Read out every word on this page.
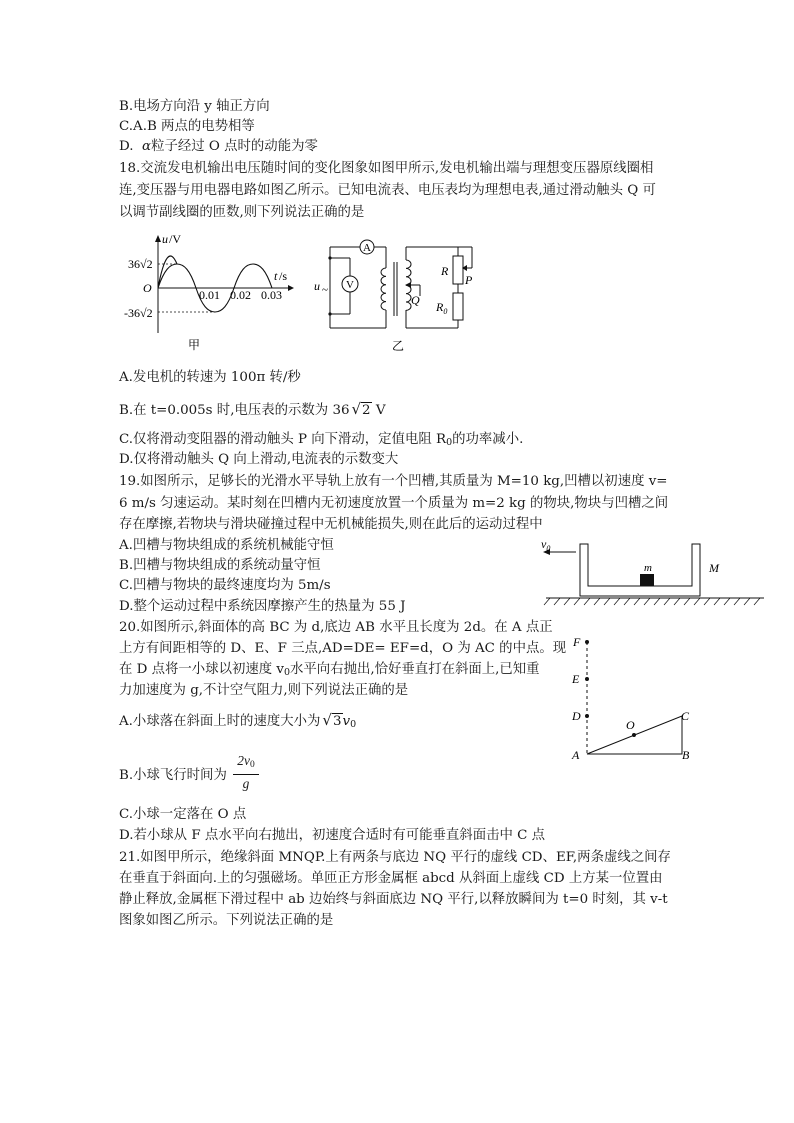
B.电场方向沿 y 轴正方向
C.A.B 两点的电势相等
D. α粒子经过 O 点时的动能为零
18.交流发电机输出电压随时间的变化图象如图甲所示,发电机输出端与理想变压器原线圈相
连,变压器与用电器电路如图乙所示。已知电流表、电压表均为理想电表,通过滑动触头 Q 可
以调节副线圈的匝数,则下列说法正确的是
u /V
t /s
36√2
-36√2
O	0.01 0.02 0.03
甲
A
V
u ~
Q
R
P
$R_0$
乙
A.发电机的转速为 100π 转/秒
B.在 t=0.005s 时,电压表的示数为 36 √2 V
C.仅将滑动变阻器的滑动触头 P 向下滑动，定值电阻 $R_0$的功率减小.
D.仅将滑动触头 Q 向上滑动,电流表的示数变大
19.如图所示，足够长的光滑水平导轨上放有一个凹槽,其质量为 M=10 kg,凹槽以初速度 v=
6 m/s 匀速运动。某时刻在凹槽内无初速度放置一个质量为 m=2 kg 的物块,物块与凹槽之间
存在摩擦,若物块与滑块碰撞过程中无机械能损失,则在此后的运动过程中
A.凹槽与物块组成的系统机械能守恒
B.凹槽与物块组成的系统动量守恒
C.凹槽与物块的最终速度均为 5m/s
D.整个运动过程中系统因摩擦产生的热量为 55 J
$v_0$
m	M
20.如图所示,斜面体的高 BC 为 d,底边 AB 水平且长度为 2d。在 A 点正
上方有间距相等的 D、E、F 三点,AD=DE= EF=d，O 为 AC 的中点。现
在 D 点将一小球以初速度 $v_0$水平向右抛出,恰好垂直打在斜面上,已知重
力加速度为 g,不计空气阻力,则下列说法正确的是
A.小球落在斜面上时的速度大小为 $√3v_0$
B.小球飞行时间为 $\frac{2v_0}{g}$
C.小球一定落在 O 点
D.若小球从 F 点水平向右抛出，初速度合适时有可能垂直斜面击中 C 点
F
E
D
A
O
C
B
21.如图甲所示，绝缘斜面 MNQP.上有两条与底边 NQ 平行的虚线 CD、EF,两条虚线之间存
在垂直于斜面向.上的匀强磁场。单匝正方形金属框 abcd 从斜面上虚线 CD 上方某一位置由
静止释放,金属框下滑过程中 ab 边始终与斜面底边 NQ 平行,以释放瞬间为 t=0 时刻，其 v-t
图象如图乙所示。下列说法正确的是
